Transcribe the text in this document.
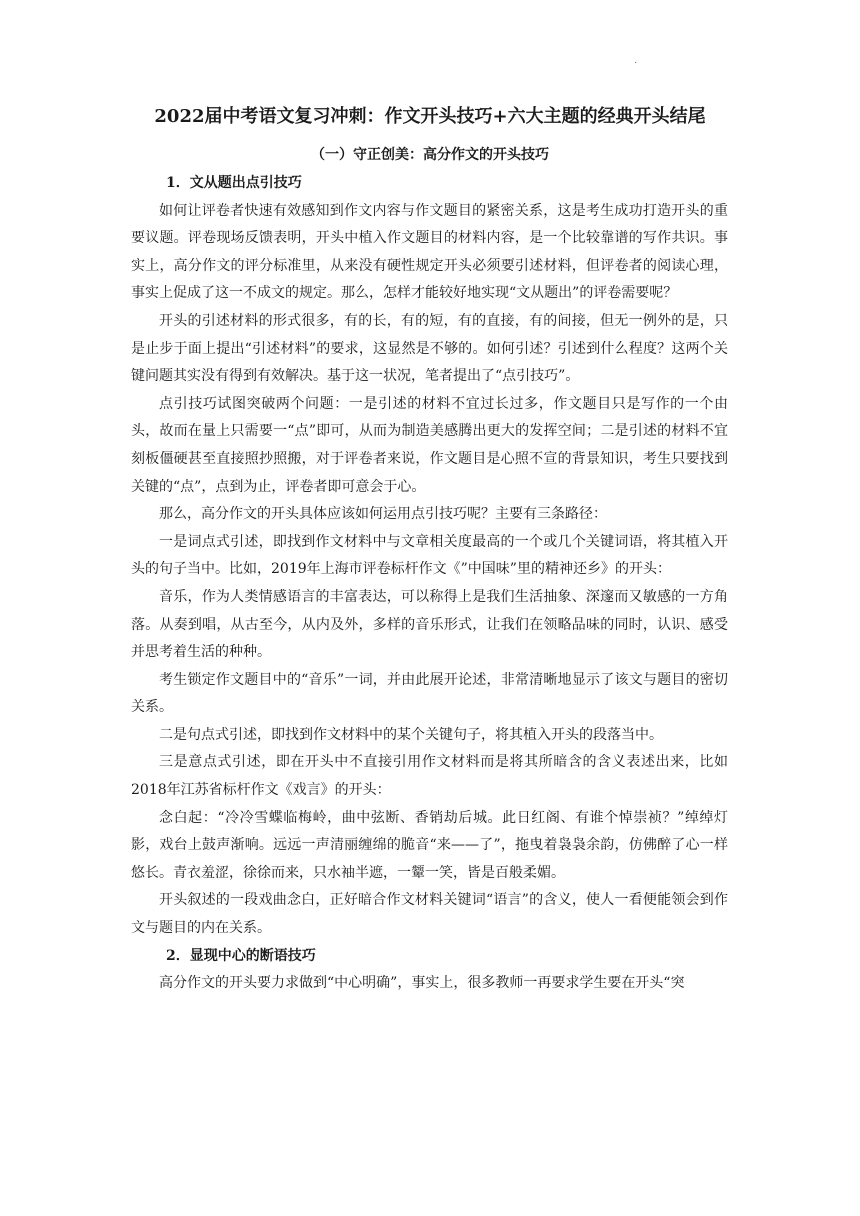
·
2022届中考语文复习冲刺：作文开头技巧+六大主题的经典开头结尾
（一）守正创美：高分作文的开头技巧

1．文从题出点引技巧

如何让评卷者快速有效感知到作文内容与作文题目的紧密关系，这是考生成功打造开头的重要议题。评卷现场反馈表明，开头中植入作文题目的材料内容，是一个比较靠谱的写作共识。事实上，高分作文的评分标准里，从来没有硬性规定开头必须要引述材料，但评卷者的阅读心理，事实上促成了这一不成文的规定。那么，怎样才能较好地实现“文从题出”的评卷需要呢？

开头的引述材料的形式很多，有的长，有的短，有的直接，有的间接，但无一例外的是，只是止步于面上提出“引述材料”的要求，这显然是不够的。如何引述？引述到什么程度？这两个关键问题其实没有得到有效解决。基于这一状况，笔者提出了“点引技巧”。

点引技巧试图突破两个问题：一是引述的材料不宜过长过多，作文题目只是写作的一个由头，故而在量上只需要一“点”即可，从而为制造美感腾出更大的发挥空间；二是引述的材料不宜刻板僵硬甚至直接照抄照搬，对于评卷者来说，作文题目是心照不宣的背景知识，考生只要找到关键的“点”，点到为止，评卷者即可意会于心。

那么，高分作文的开头具体应该如何运用点引技巧呢？主要有三条路径：

一是词点式引述，即找到作文材料中与文章相关度最高的一个或几个关键词语，将其植入开头的句子当中。比如，2019年上海市评卷标杆作文《”中国味”里的精神还乡》的开头：

音乐，作为人类情感语言的丰富表达，可以称得上是我们生活抽象、深邃而又敏感的一方角落。从奏到唱，从古至今，从内及外，多样的音乐形式，让我们在领略品味的同时，认识、感受并思考着生活的种种。

考生锁定作文题目中的“音乐”一词，并由此展开论述，非常清晰地显示了该文与题目的密切关系。

二是句点式引述，即找到作文材料中的某个关键句子，将其植入开头的段落当中。

三是意点式引述，即在开头中不直接引用作文材料而是将其所暗含的含义表述出来，比如2018年江苏省标杆作文《戏言》的开头：

念白起：“冷冷雪蝶临梅岭，曲中弦断、香销劫后城。此日红阁、有谁个悼崇祯？”绰绰灯影，戏台上鼓声渐响。远远一声清丽缠绵的脆音“来——了”，拖曳着袅袅余韵，仿佛醉了心一样悠长。青衣羞涩，徐徐而来，只水袖半遮，一颦一笑，皆是百般柔媚。

开头叙述的一段戏曲念白，正好暗合作文材料关键词“语言”的含义，使人一看便能领会到作文与题目的内在关系。

2．显现中心的断语技巧

高分作文的开头要力求做到“中心明确”，事实上，很多教师一再要求学生要在开头“突
